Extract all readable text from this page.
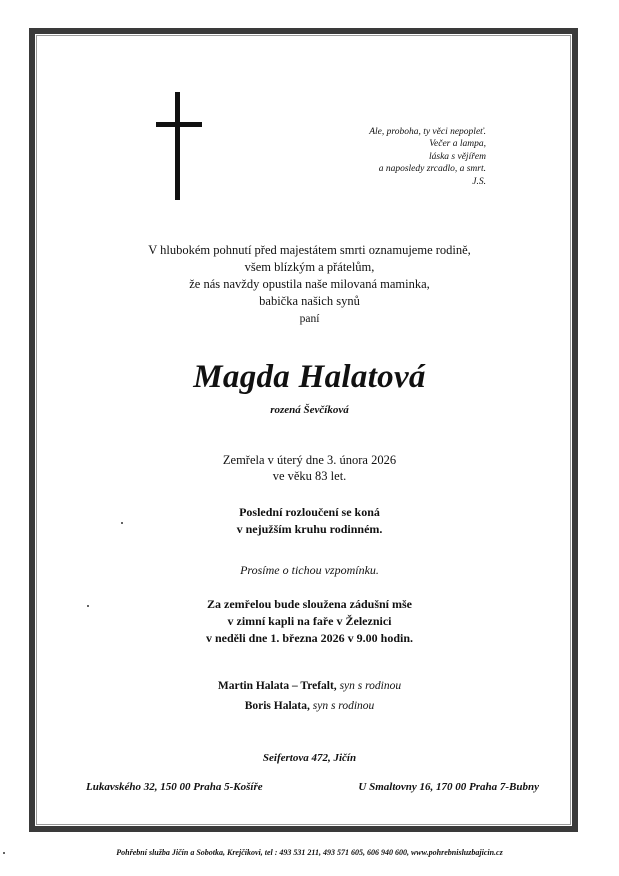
Ale, proboha, ty věci nepopleť.
Večer a lampa,
láska s vějířem
a naposledy zrcadlo, a smrt.
J.S.
V hlubokém pohnutí před majestátem smrti oznamujeme rodině,
všem blízkým a přátelům,
že nás navždy opustila naše milovaná maminka,
babička našich synů
paní
Magda Halatová
rozená Ševčíková
Zemřela v úterý dne 3. února 2026
ve věku 83 let.
Poslední rozloučení se koná
v nejužším kruhu rodinném.
Prosíme o tichou vzpomínku.
Za zemřelou bude sloužena zádušní mše
v zimní kapli na faře v Železnici
v neděli dne 1. března 2026 v 9.00 hodin.
Martin Halata – Trefalt, syn s rodinou
Boris Halata, syn s rodinou
Seifertova 472, Jičín
Lukavského 32, 150 00 Praha 5-Košíře	U Smaltovny 16, 170 00 Praha 7-Bubny
Pohřební služba Jičín a Sobotka, Krejčíkovi, tel : 493 531 211, 493 571 605, 606 940 600, www.pohrebnisluzbajicin.cz
